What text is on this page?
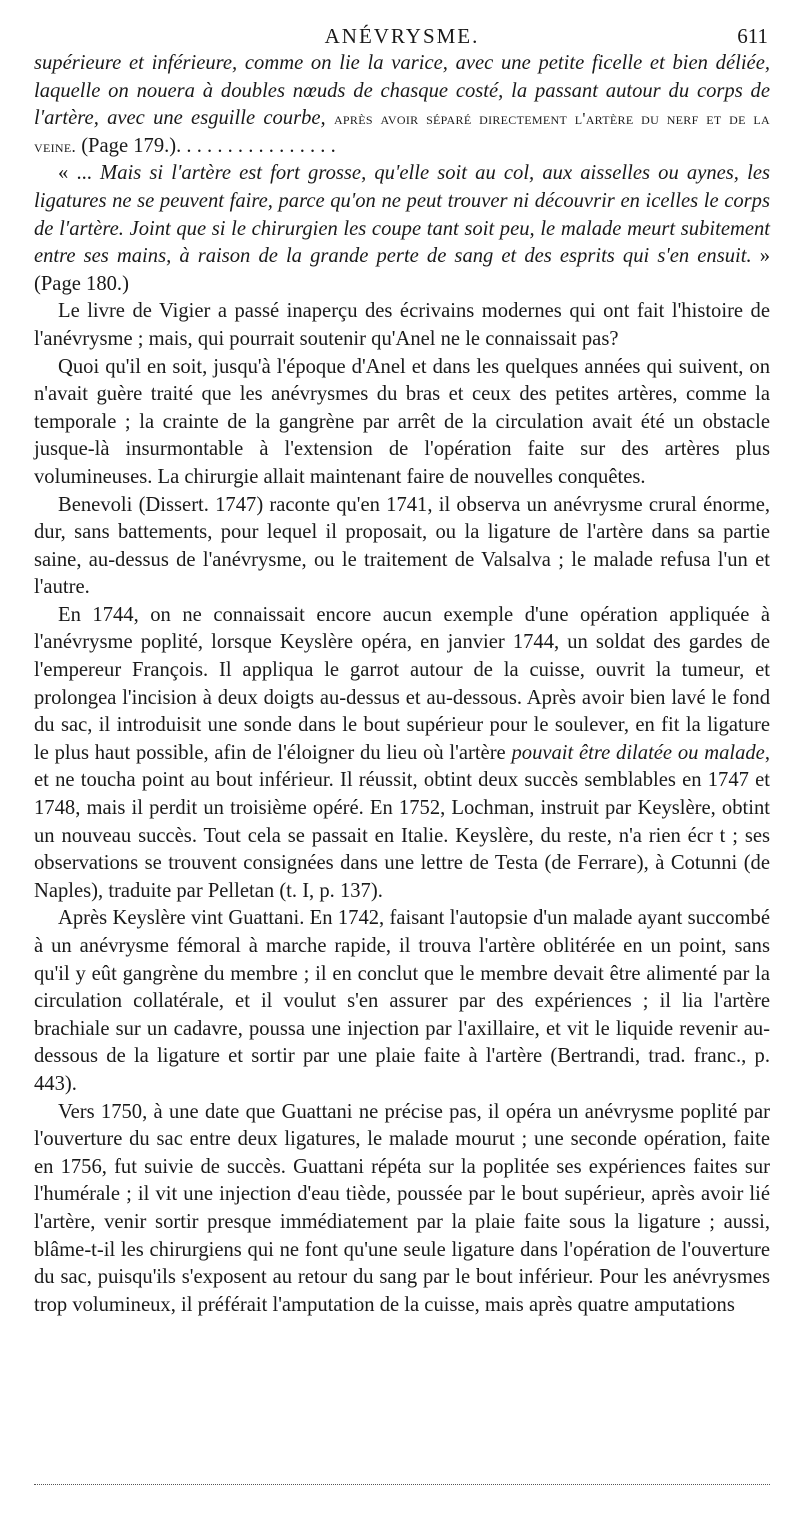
ANÉVRYSME.	611

supérieure et inférieure, comme on lie la varice, avec une petite ficelle et bien déliée, laquelle on nouera à doubles nœuds de chasque costé, la passant autour du corps de l'artère, avec une esguille courbe, après avoir séparé directement l'artère du nerf et de la veine. (Page 179.). . . . . . . . . . . . . . . .

« ... Mais si l'artère est fort grosse, qu'elle soit au col, aux aisselles ou aynes, les ligatures ne se peuvent faire, parce qu'on ne peut trouver ni découvrir en icelles le corps de l'artère. Joint que si le chirurgien les coupe tant soit peu, le malade meurt subitement entre ses mains, à raison de la grande perte de sang et des esprits qui s'en ensuit. » (Page 180.)

Le livre de Vigier a passé inaperçu des écrivains modernes qui ont fait l'histoire de l'anévrysme ; mais, qui pourrait soutenir qu'Anel ne le connaissait pas?

Quoi qu'il en soit, jusqu'à l'époque d'Anel et dans les quelques années qui suivent, on n'avait guère traité que les anévrysmes du bras et ceux des petites artères, comme la temporale ; la crainte de la gangrène par arrêt de la circulation avait été un obstacle jusque-là insurmontable à l'extension de l'opération faite sur des artères plus volumineuses. La chirurgie allait maintenant faire de nouvelles conquêtes.

Benevoli (Dissert. 1747) raconte qu'en 1741, il observa un anévrysme crural énorme, dur, sans battements, pour lequel il proposait, ou la ligature de l'artère dans sa partie saine, au-dessus de l'anévrysme, ou le traitement de Valsalva ; le malade refusa l'un et l'autre.

En 1744, on ne connaissait encore aucun exemple d'une opération appliquée à l'anévrysme poplité, lorsque Keyslère opéra, en janvier 1744, un soldat des gardes de l'empereur François. Il appliqua le garrot autour de la cuisse, ouvrit la tumeur, et prolongea l'incision à deux doigts au-dessus et au-dessous. Après avoir bien lavé le fond du sac, il introduisit une sonde dans le bout supérieur pour le soulever, en fit la ligature le plus haut possible, afin de l'éloigner du lieu où l'artère pouvait être dilatée ou malade, et ne toucha point au bout inférieur. Il réussit, obtint deux succès semblables en 1747 et 1748, mais il perdit un troisième opéré. En 1752, Lochman, instruit par Keyslère, obtint un nouveau succès. Tout cela se passait en Italie. Keyslère, du reste, n'a rien écr t ; ses observations se trouvent consignées dans une lettre de Testa (de Ferrare), à Cotunni (de Naples), traduite par Pelletan (t. I, p. 137).

Après Keyslère vint Guattani. En 1742, faisant l'autopsie d'un malade ayant succombé à un anévrysme fémoral à marche rapide, il trouva l'artère oblitérée en un point, sans qu'il y eût gangrène du membre ; il en conclut que le membre devait être alimenté par la circulation collatérale, et il voulut s'en assurer par des expériences ; il lia l'artère brachiale sur un cadavre, poussa une injection par l'axillaire, et vit le liquide revenir au-dessous de la ligature et sortir par une plaie faite à l'artère (Bertrandi, trad. franc., p. 443).

Vers 1750, à une date que Guattani ne précise pas, il opéra un anévrysme poplité par l'ouverture du sac entre deux ligatures, le malade mourut ; une seconde opération, faite en 1756, fut suivie de succès. Guattani répéta sur la poplitée ses expériences faites sur l'humérale ; il vit une injection d'eau tiède, poussée par le bout supérieur, après avoir lié l'artère, venir sortir presque immédiatement par la plaie faite sous la ligature ; aussi, blâme-t-il les chirurgiens qui ne font qu'une seule ligature dans l'opération de l'ouverture du sac, puisqu'ils s'exposent au retour du sang par le bout inférieur. Pour les anévrysmes trop volumineux, il préférait l'amputation de la cuisse, mais après quatre amputations
